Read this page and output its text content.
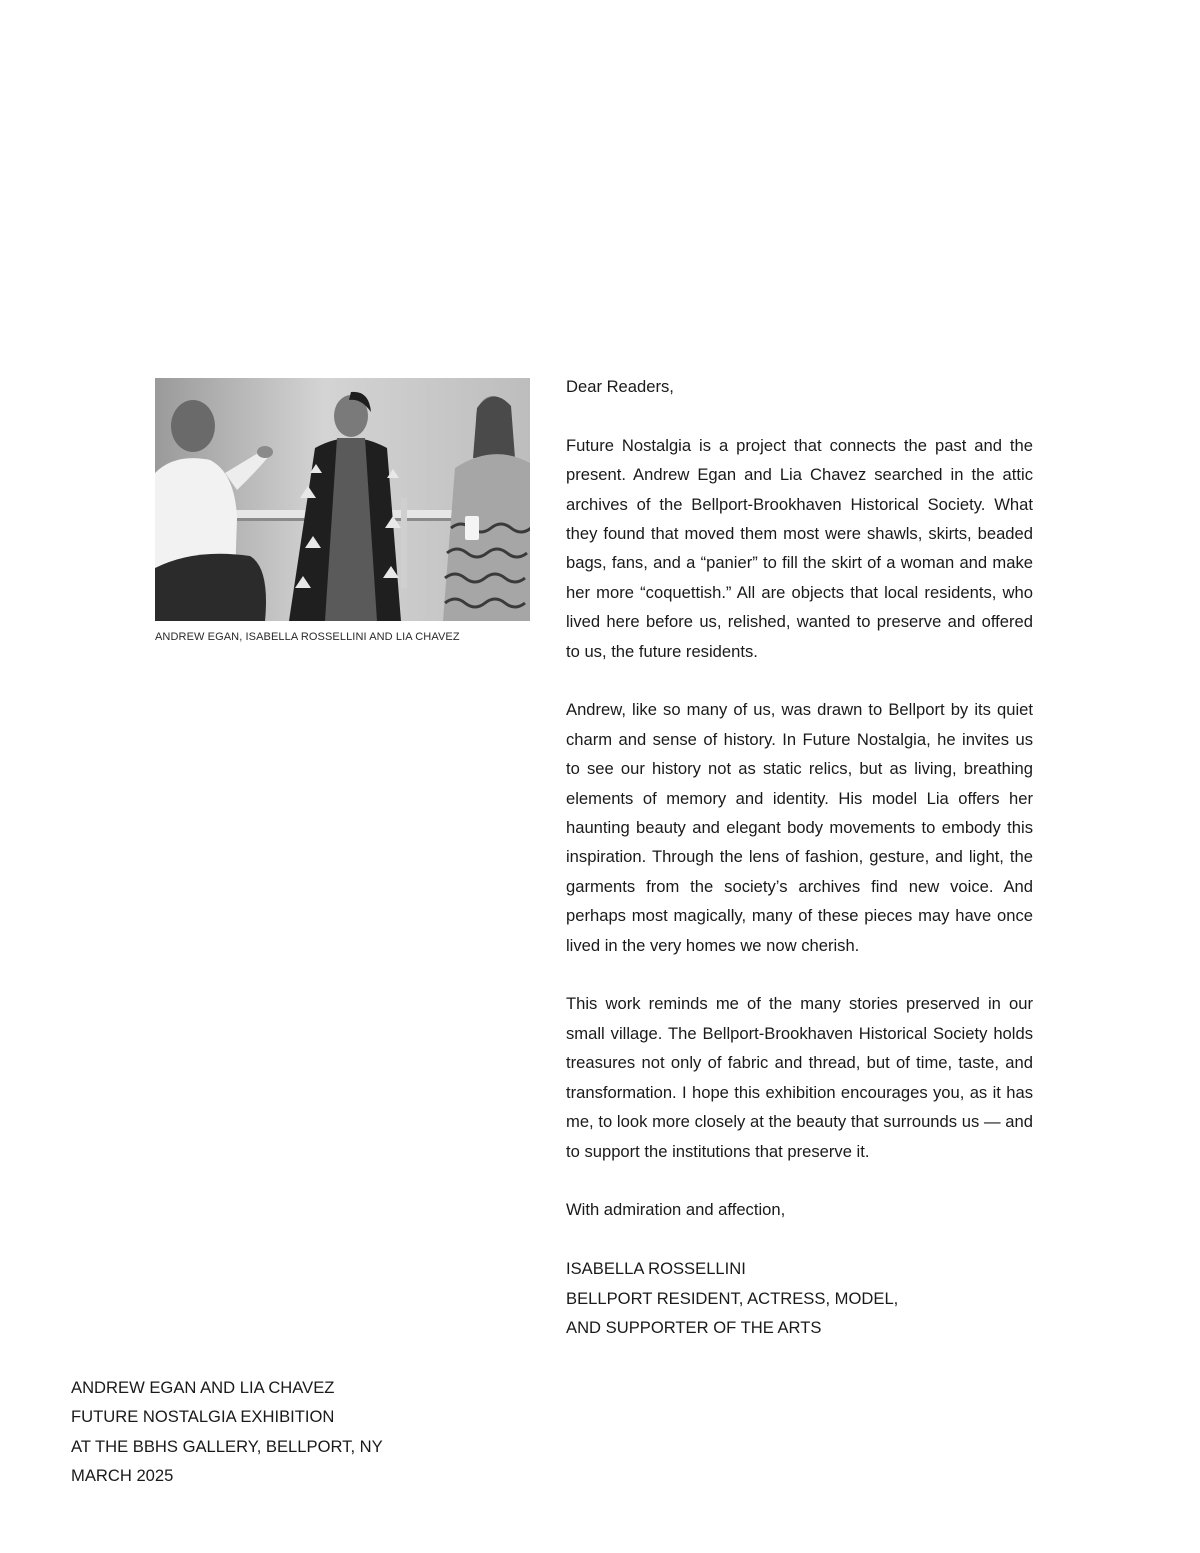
ANDREW EGAN, ISABELLA ROSSELLINI AND LIA CHAVEZ

Dear Readers,

Future Nostalgia is a project that connects the past and the present. Andrew Egan and Lia Chavez searched in the attic archives of the Bellport-Brookhaven Historical Society. What they found that moved them most were shawls, skirts, beaded bags, fans, and a “panier” to fill the skirt of a woman and make her more “coquettish.” All are objects that local residents, who lived here before us, relished, wanted to preserve and offered to us, the future residents.

Andrew, like so many of us, was drawn to Bellport by its quiet charm and sense of history. In Future Nostalgia, he invites us to see our history not as static relics, but as living, breathing elements of memory and identity. His model Lia offers her haunting beauty and elegant body movements to embody this inspiration. Through the lens of fashion, gesture, and light, the garments from the society’s archives find new voice. And perhaps most magically, many of these pieces may have once lived in the very homes we now cherish.

This work reminds me of the many stories preserved in our small village. The Bellport-Brookhaven Historical Society holds treasures not only of fabric and thread, but of time, taste, and transformation. I hope this exhibition encourages you, as it has me, to look more closely at the beauty that surrounds us — and to support the institutions that preserve it.

With admiration and affection,

ISABELLA ROSSELLINI
BELLPORT RESIDENT, ACTRESS, MODEL,
AND SUPPORTER OF THE ARTS

ANDREW EGAN AND LIA CHAVEZ
FUTURE NOSTALGIA EXHIBITION
AT THE BBHS GALLERY, BELLPORT, NY
MARCH 2025
